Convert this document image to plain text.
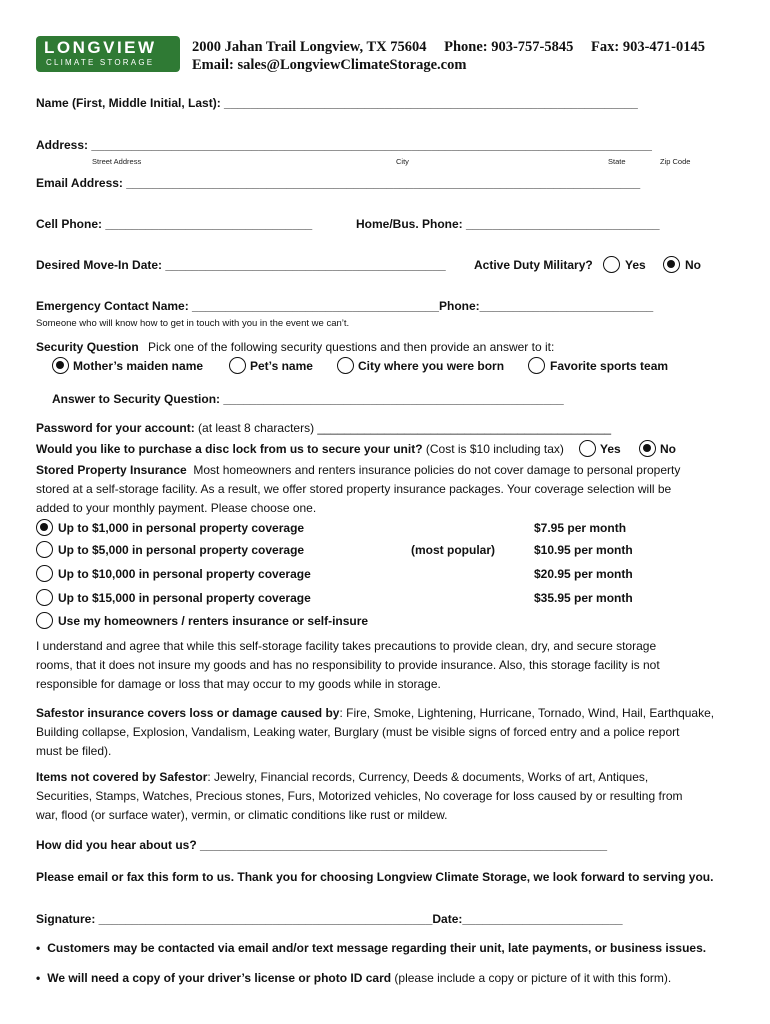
LONGVIEW
CLIMATE STORAGE
2000 Jahan Trail Longview, TX 75604 Phone: 903-757-5845 Fax: 903-471-0145
Email: sales@LongviewClimateStorage.com
Name (First, Middle Initial, Last): ______________________________________________________________
Address: ____________________________________________________________________________________
Street Address	City	State	Zip Code
Email Address: _____________________________________________________________________________
Cell Phone: _______________________________	Home/Bus. Phone: _____________________________
Desired Move-In Date: __________________________________________ Active Duty Military?	Yes	No
Emergency Contact Name: _____________________________________Phone:__________________________
Someone who will know how to get in touch with you in the event we can’t.
Security Question Pick one of the following security questions and then provide an answer to it:
Mother’s maiden name	Pet’s name	City where you were born	Favorite sports team
Answer to Security Question: ___________________________________________________
Password for your account: (at least 8 characters) ____________________________________________
Would you like to purchase a disc lock from us to secure your unit? (Cost is $10 including tax)	Yes	No
Stored Property Insurance Most homeowners and renters insurance policies do not cover damage to personal property
stored at a self-storage facility. As a result, we offer stored property insurance packages. Your coverage selection will be
added to your monthly payment. Please choose one.
Up to $1,000 in personal property coverage	$7.95 per month
Up to $5,000 in personal property coverage	(most popular)	$10.95 per month
Up to $10,000 in personal property coverage	$20.95 per month
Up to $15,000 in personal property coverage	$35.95 per month
Use my homeowners / renters insurance or self-insure
I understand and agree that while this self-storage facility takes precautions to provide clean, dry, and secure storage
rooms, that it does not insure my goods and has no responsibility to provide insurance. Also, this storage facility is not
responsible for damage or loss that may occur to my goods while in storage.
Safestor insurance covers loss or damage caused by: Fire, Smoke, Lightening, Hurricane, Tornado, Wind, Hail, Earthquake,
Building collapse, Explosion, Vandalism, Leaking water, Burglary (must be visible signs of forced entry and a police report
must be filed).
Items not covered by Safestor: Jewelry, Financial records, Currency, Deeds & documents, Works of art, Antiques,
Securities, Stamps, Watches, Precious stones, Furs, Motorized vehicles, No coverage for loss caused by or resulting from
war, flood (or surface water), vermin, or climatic conditions like rust or mildew.
How did you hear about us? _____________________________________________________________
Please email or fax this form to us. Thank you for choosing Longview Climate Storage, we look forward to serving you.
Signature: __________________________________________________Date:________________________
• Customers may be contacted via email and/or text message regarding their unit, late payments, or business issues.
• We will need a copy of your driver’s license or photo ID card (please include a copy or picture of it with this form).
